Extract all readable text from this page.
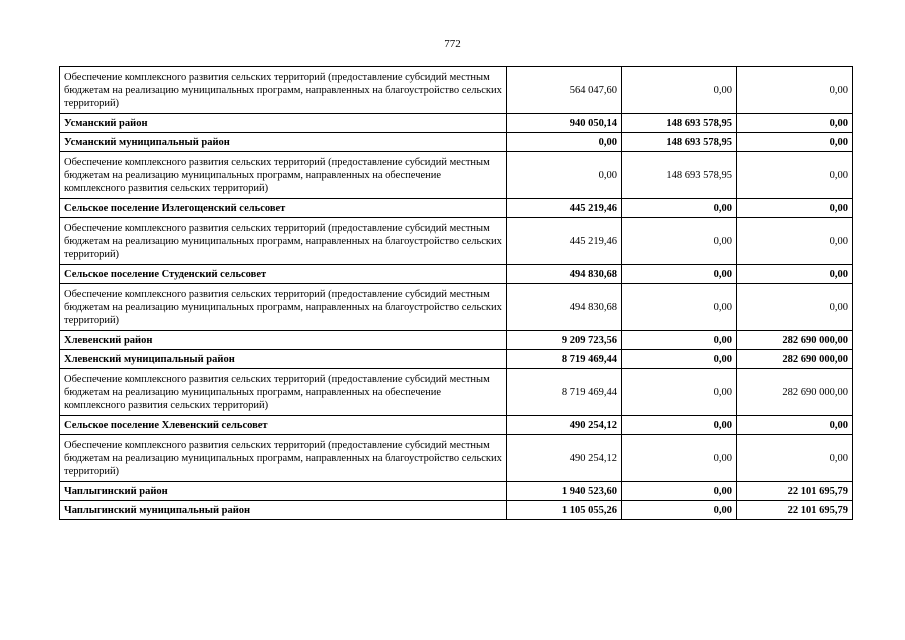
772
Обеспечение комплексного развития сельских территорий (предоставление субсидий местным бюджетам на реализацию муниципальных программ, направленных на благоустройство сельских территорий)	564 047,60	0,00	0,00
Усманский район	940 050,14	148 693 578,95	0,00
Усманский муниципальный район	0,00	148 693 578,95	0,00
Обеспечение комплексного развития сельских территорий (предоставление субсидий местным бюджетам на реализацию муниципальных программ, направленных на обеспечение комплексного развития сельских территорий)	0,00	148 693 578,95	0,00
Сельское поселение Излегощенский сельсовет	445 219,46	0,00	0,00
Обеспечение комплексного развития сельских территорий (предоставление субсидий местным бюджетам на реализацию муниципальных программ, направленных на благоустройство сельских территорий)	445 219,46	0,00	0,00
Сельское поселение Студенский сельсовет	494 830,68	0,00	0,00
Обеспечение комплексного развития сельских территорий (предоставление субсидий местным бюджетам на реализацию муниципальных программ, направленных на благоустройство сельских территорий)	494 830,68	0,00	0,00
Хлевенский район	9 209 723,56	0,00	282 690 000,00
Хлевенский муниципальный район	8 719 469,44	0,00	282 690 000,00
Обеспечение комплексного развития сельских территорий (предоставление субсидий местным бюджетам на реализацию муниципальных программ, направленных на обеспечение комплексного развития сельских территорий)	8 719 469,44	0,00	282 690 000,00
Сельское поселение Хлевенский сельсовет	490 254,12	0,00	0,00
Обеспечение комплексного развития сельских территорий (предоставление субсидий местным бюджетам на реализацию муниципальных программ, направленных на благоустройство сельских территорий)	490 254,12	0,00	0,00
Чаплыгинский район	1 940 523,60	0,00	22 101 695,79
Чаплыгинский муниципальный район	1 105 055,26	0,00	22 101 695,79
